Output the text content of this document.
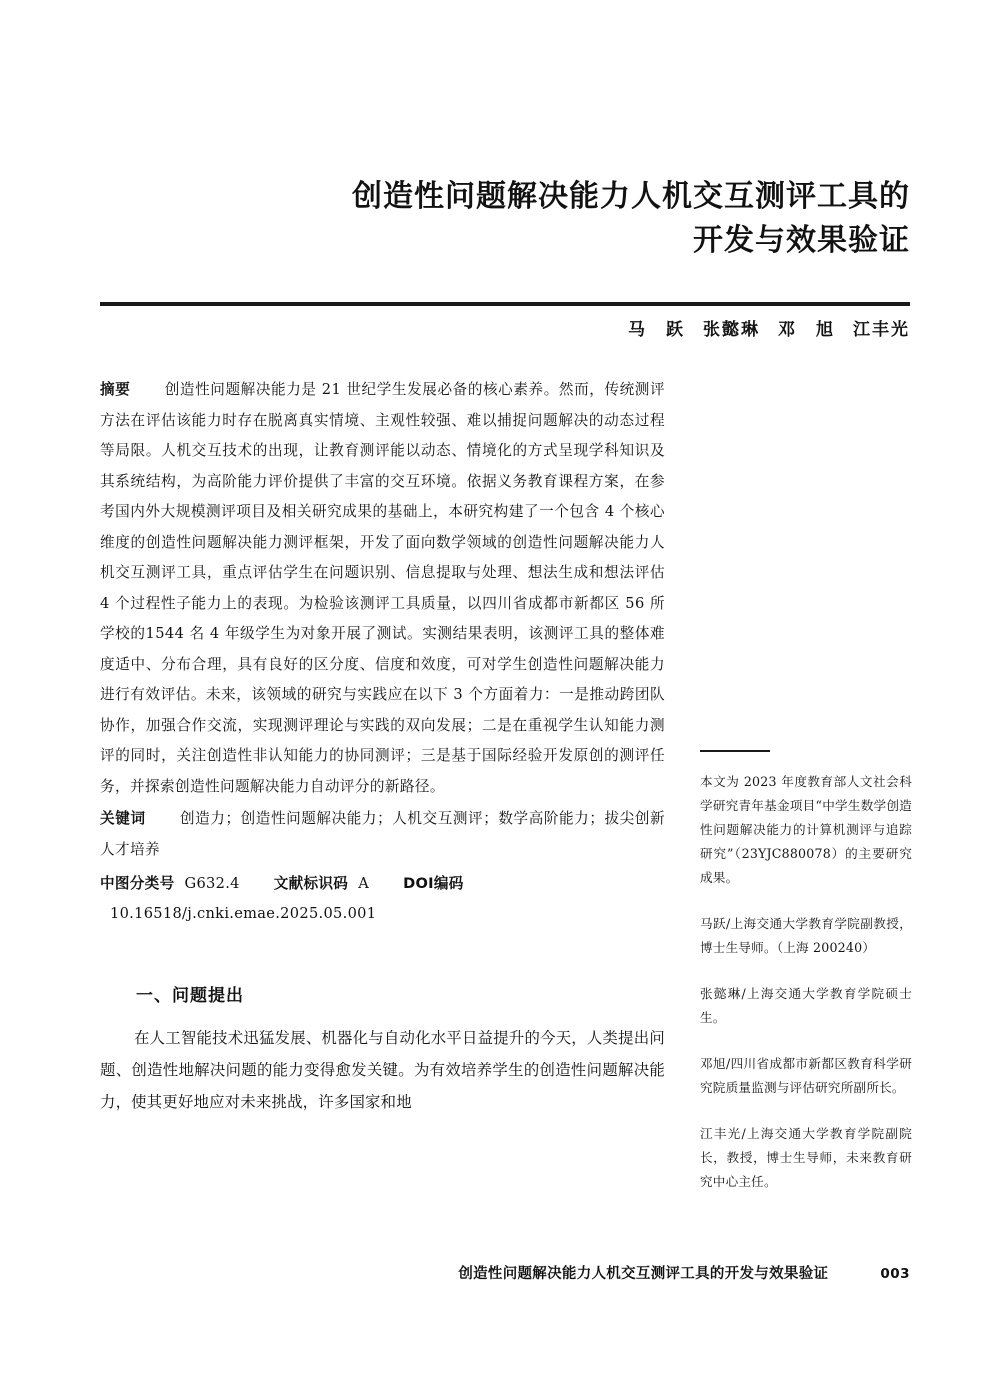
创造性问题解决能力人机交互测评工具的
开发与效果验证
马　跃 张懿琳 邓　旭 江丰光

摘要 创造性问题解决能力是 21 世纪学生发展必备的核心素养。然而，传统测评方法在评估该能力时存在脱离真实情境、主观性较强、难以捕捉问题解决的动态过程等局限。人机交互技术的出现，让教育测评能以动态、情境化的方式呈现学科知识及其系统结构，为高阶能力评价提供了丰富的交互环境。依据义务教育课程方案，在参考国内外大规模测评项目及相关研究成果的基础上，本研究构建了一个包含 4 个核心维度的创造性问题解决能力测评框架，开发了面向数学领域的创造性问题解决能力人机交互测评工具，重点评估学生在问题识别、信息提取与处理、想法生成和想法评估 4 个过程性子能力上的表现。为检验该测评工具质量，以四川省成都市新都区 56 所学校的1544 名 4 年级学生为对象开展了测试。实测结果表明，该测评工具的整体难度适中、分布合理，具有良好的区分度、信度和效度，可对学生创造性问题解决能力进行有效评估。未来，该领域的研究与实践应在以下 3 个方面着力：一是推动跨团队协作，加强合作交流，实现测评理论与实践的双向发展；二是在重视学生认知能力测评的同时，关注创造性非认知能力的协同测评；三是基于国际经验开发原创的测评任务，并探索创造性问题解决能力自动评分的新路径。

关键词 创造力；创造性问题解决能力；人机交互测评；数学高阶能力；拔尖创新人才培养

中图分类号 G632.4 文献标识码 A DOI编码10.16518/j.cnki.emae.2025.05.001

一、问题提出

在人工智能技术迅猛发展、机器化与自动化水平日益提升的今天，人类提出问题、创造性地解决问题的能力变得愈发关键。为有效培养学生的创造性问题解决能力，使其更好地应对未来挑战，许多国家和地

本文为 2023 年度教育部人文社会科学研究青年基金项目“中学生数学创造性问题解决能力的计算机测评与追踪研究”（23YJC880078）的主要研究成果。

马跃/上海交通大学教育学院副教授，博士生导师。（上海 200240）

张懿琳/上海交通大学教育学院硕士生。

邓旭/四川省成都市新都区教育科学研究院质量监测与评估研究所副所长。

江丰光/上海交通大学教育学院副院长，教授，博士生导师，未来教育研究中心主任。

创造性问题解决能力人机交互测评工具的开发与效果验证	003
